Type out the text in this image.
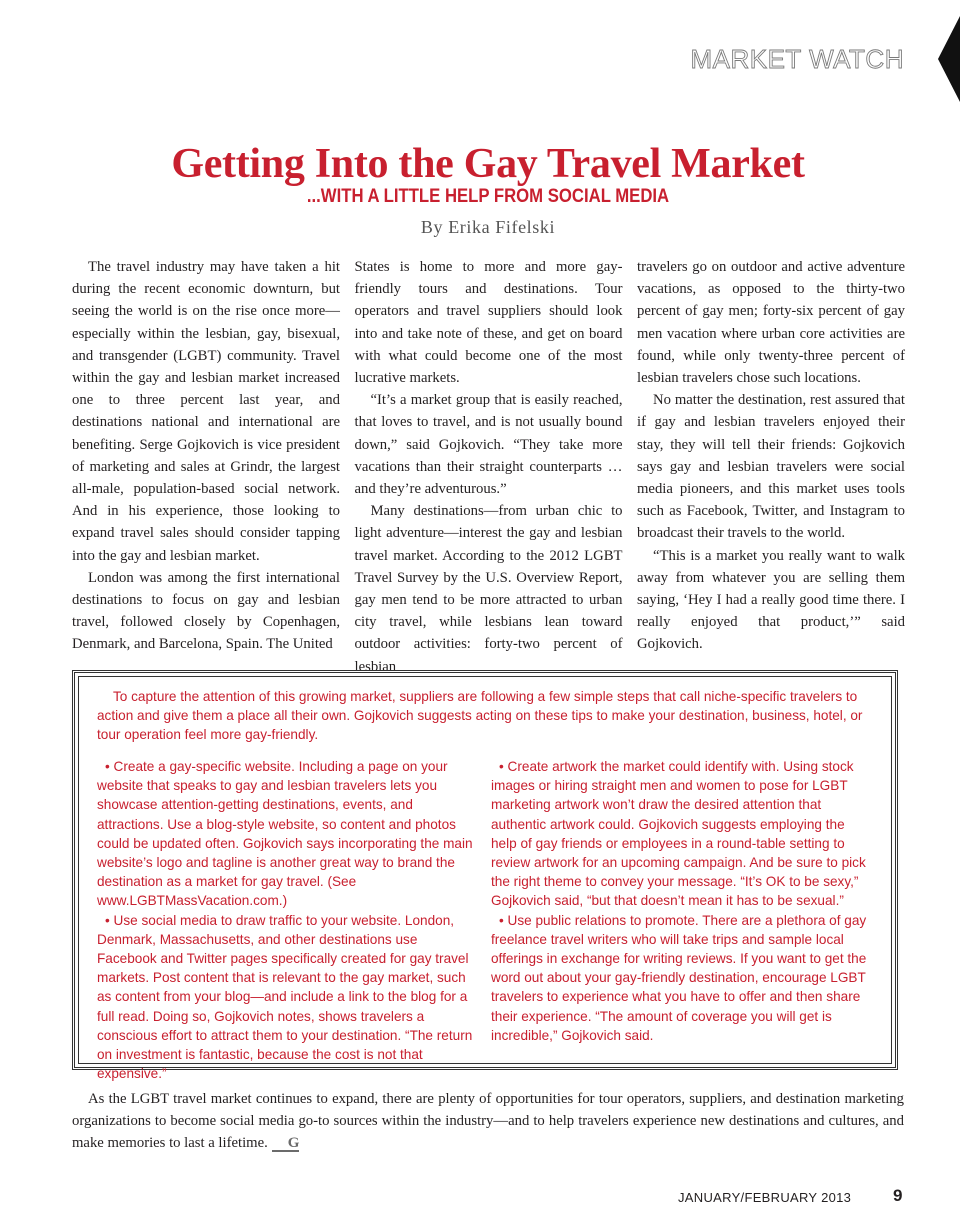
MARKET WATCH
Getting Into the Gay Travel Market
...WITH A LITTLE HELP FROM SOCIAL MEDIA
By Erika Fifelski

The travel industry may have taken a hit during the recent economic downturn, but seeing the world is on the rise once more—especially within the lesbian, gay, bisexual, and transgender (LGBT) community. Travel within the gay and lesbian market increased one to three percent last year, and destinations national and international are benefiting. Serge Gojkovich is vice president of marketing and sales at Grindr, the largest all-male, population-based social network. And in his experience, those looking to expand travel sales should consider tapping into the gay and lesbian market.

London was among the first international destinations to focus on gay and lesbian travel, followed closely by Copenhagen, Denmark, and Barcelona, Spain. The United

States is home to more and more gay-friendly tours and destinations. Tour operators and travel suppliers should look into and take note of these, and get on board with what could become one of the most lucrative markets.

“It’s a market group that is easily reached, that loves to travel, and is not usually bound down,” said Gojkovich. “They take more vacations than their straight counterparts … and they’re adventurous.”

Many destinations—from urban chic to light adventure—interest the gay and lesbian travel market. According to the 2012 LGBT Travel Survey by the U.S. Overview Report, gay men tend to be more attracted to urban city travel, while lesbians lean toward outdoor activities: forty-two percent of lesbian

travelers go on outdoor and active adventure vacations, as opposed to the thirty-two percent of gay men; forty-six percent of gay men vacation where urban core activities are found, while only twenty-three percent of lesbian travelers chose such locations.

No matter the destination, rest assured that if gay and lesbian travelers enjoyed their stay, they will tell their friends: Gojkovich says gay and lesbian travelers were social media pioneers, and this market uses tools such as Facebook, Twitter, and Instagram to broadcast their travels to the world.

“This is a market you really want to walk away from whatever you are selling them saying, ‘Hey I had a really good time there. I really enjoyed that product,’” said Gojkovich.

To capture the attention of this growing market, suppliers are following a few simple steps that call niche-specific travelers to action and give them a place all their own. Gojkovich suggests acting on these tips to make your destination, business, hotel, or tour operation feel more gay-friendly.

• Create a gay-specific website. Including a page on your website that speaks to gay and lesbian travelers lets you showcase attention-getting destinations, events, and attractions. Use a blog-style website, so content and photos could be updated often. Gojkovich says incorporating the main website’s logo and tagline is another great way to brand the destination as a market for gay travel. (See www.LGBTMassVacation.com.)

• Use social media to draw traffic to your website. London, Denmark, Massachusetts, and other destinations use Facebook and Twitter pages specifically created for gay travel markets. Post content that is relevant to the gay market, such as content from your blog—and include a link to the blog for a full read. Doing so, Gojkovich notes, shows travelers a conscious effort to attract them to your destination. “The return on investment is fantastic, because the cost is not that expensive.”

• Create artwork the market could identify with. Using stock images or hiring straight men and women to pose for LGBT marketing artwork won’t draw the desired attention that authentic artwork could. Gojkovich suggests employing the help of gay friends or employees in a round-table setting to review artwork for an upcoming campaign. And be sure to pick the right theme to convey your message. “It’s OK to be sexy,” Gojkovich said, “but that doesn’t mean it has to be sexual.”

• Use public relations to promote. There are a plethora of gay freelance travel writers who will take trips and sample local offerings in exchange for writing reviews. If you want to get the word out about your gay-friendly destination, encourage LGBT travelers to experience what you have to offer and then share their experience. “The amount of coverage you will get is incredible,” Gojkovich said.

As the LGBT travel market continues to expand, there are plenty of opportunities for tour operators, suppliers, and destination marketing organizations to become social media go-to sources within the industry—and to help travelers experience new destinations and cultures, and make memories to last a lifetime. G

JANUARY/FEBRUARY 2013 9
